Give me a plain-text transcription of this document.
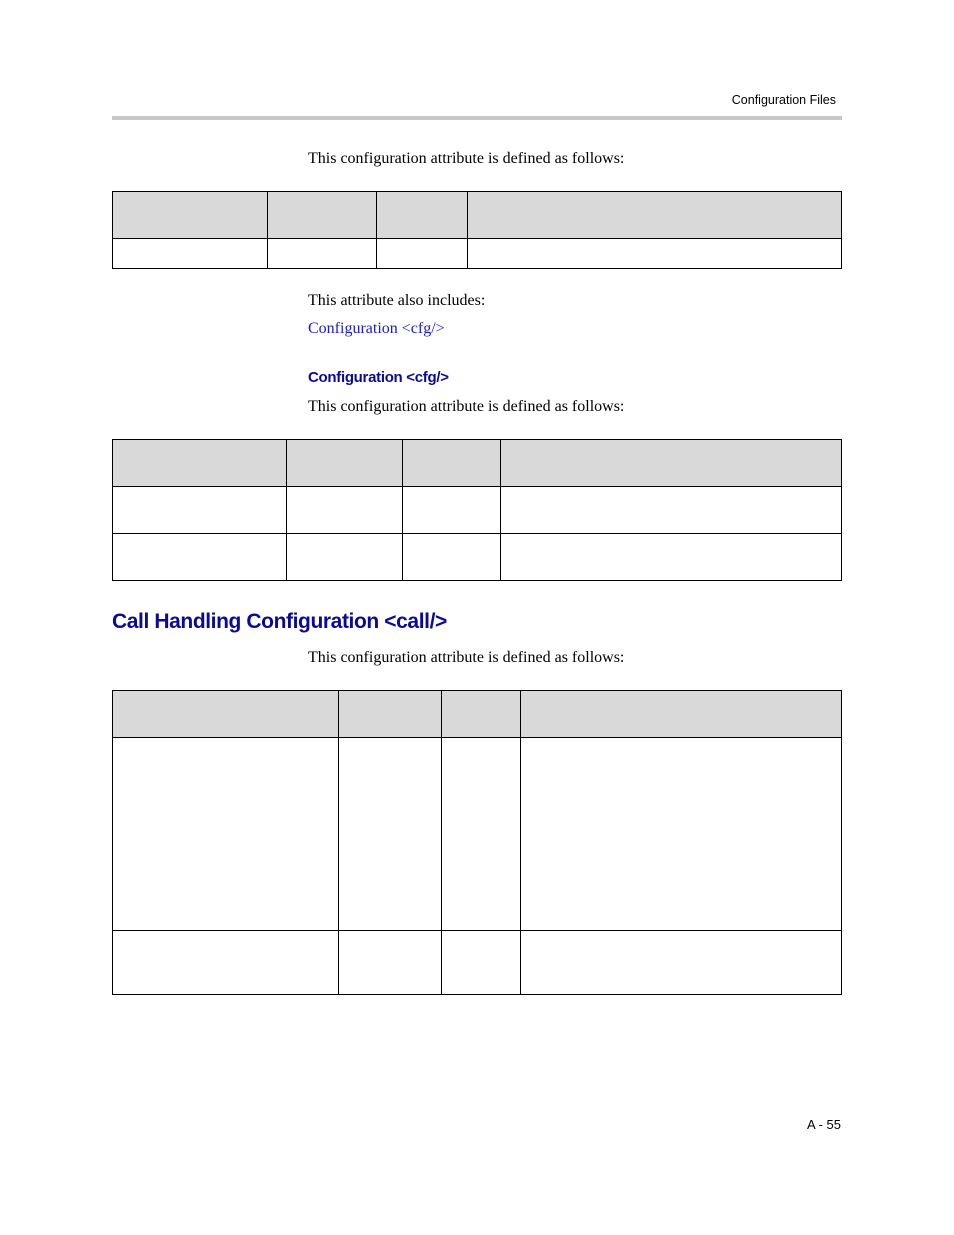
Configuration Files
This configuration attribute is defined as follows:

This attribute also includes:
Configuration <cfg/>
Configuration <cfg/>
This configuration attribute is defined as follows:

Call Handling Configuration <call/>
This configuration attribute is defined as follows:

A - 55
